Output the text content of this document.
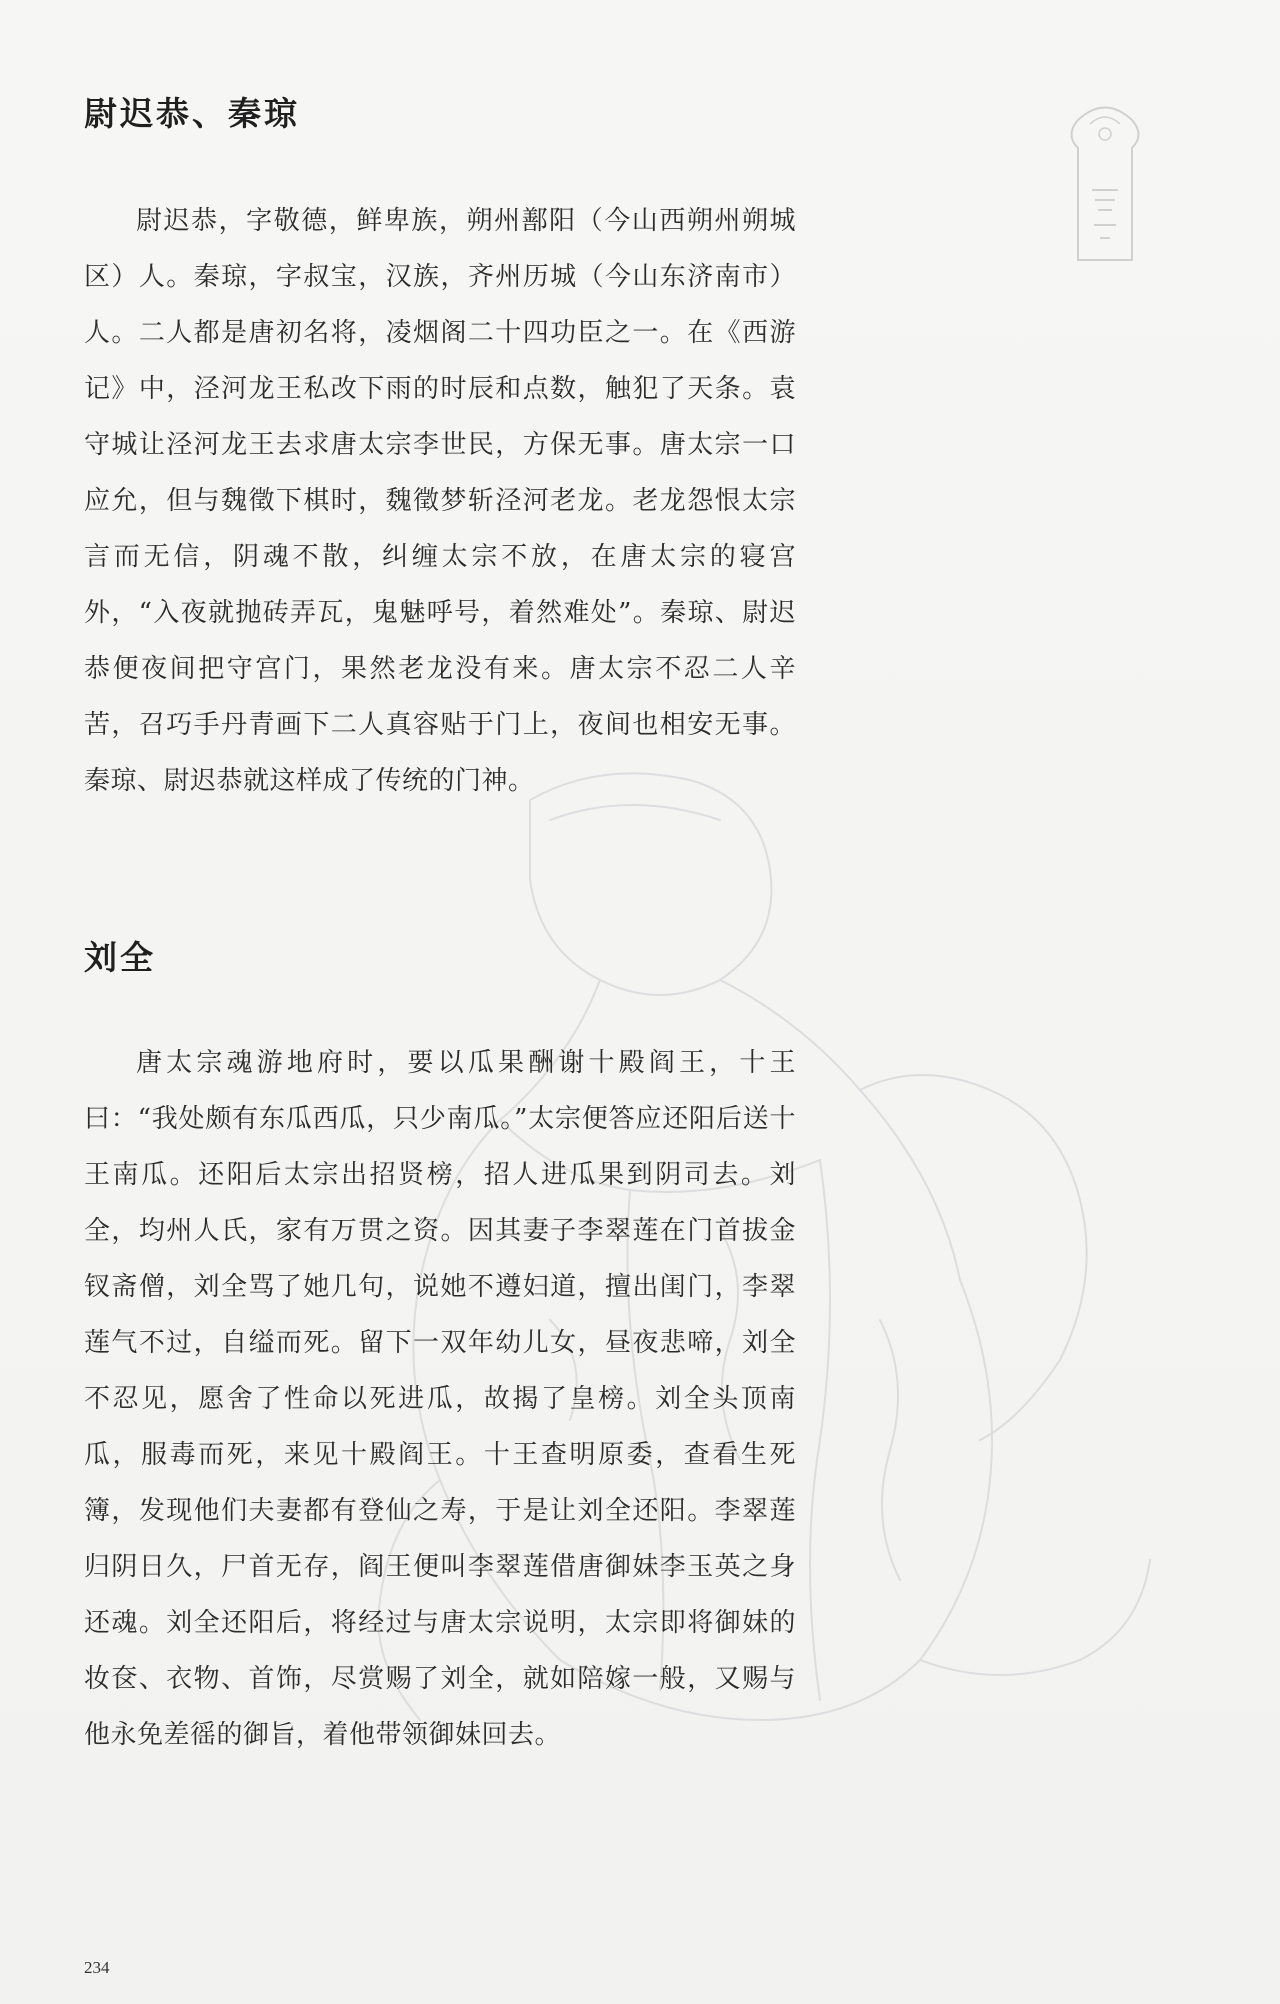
尉迟恭、秦琼

尉迟恭，字敬德，鲜卑族，朔州鄯阳（今山西朔州朔城区）人。秦琼，字叔宝，汉族，齐州历城（今山东济南市）人。二人都是唐初名将，凌烟阁二十四功臣之一。在《西游记》中，泾河龙王私改下雨的时辰和点数，触犯了天条。袁守城让泾河龙王去求唐太宗李世民，方保无事。唐太宗一口应允，但与魏徵下棋时，魏徵梦斩泾河老龙。老龙怨恨太宗言而无信，阴魂不散，纠缠太宗不放，在唐太宗的寝宫外，“入夜就抛砖弄瓦，鬼魅呼号，着然难处”。秦琼、尉迟恭便夜间把守宫门，果然老龙没有来。唐太宗不忍二人辛苦，召巧手丹青画下二人真容贴于门上，夜间也相安无事。秦琼、尉迟恭就这样成了传统的门神。

刘全

唐太宗魂游地府时，要以瓜果酬谢十殿阎王，十王曰：“我处颇有东瓜西瓜，只少南瓜。”太宗便答应还阳后送十王南瓜。还阳后太宗出招贤榜，招人进瓜果到阴司去。刘全，均州人氏，家有万贯之资。因其妻子李翠莲在门首拔金钗斋僧，刘全骂了她几句，说她不遵妇道，擅出闺门，李翠莲气不过，自缢而死。留下一双年幼儿女，昼夜悲啼，刘全不忍见，愿舍了性命以死进瓜，故揭了皇榜。刘全头顶南瓜，服毒而死，来见十殿阎王。十王查明原委，查看生死簿，发现他们夫妻都有登仙之寿，于是让刘全还阳。李翠莲归阴日久，尸首无存，阎王便叫李翠莲借唐御妹李玉英之身还魂。刘全还阳后，将经过与唐太宗说明，太宗即将御妹的妆奁、衣物、首饰，尽赏赐了刘全，就如陪嫁一般，又赐与他永免差徭的御旨，着他带领御妹回去。

234
